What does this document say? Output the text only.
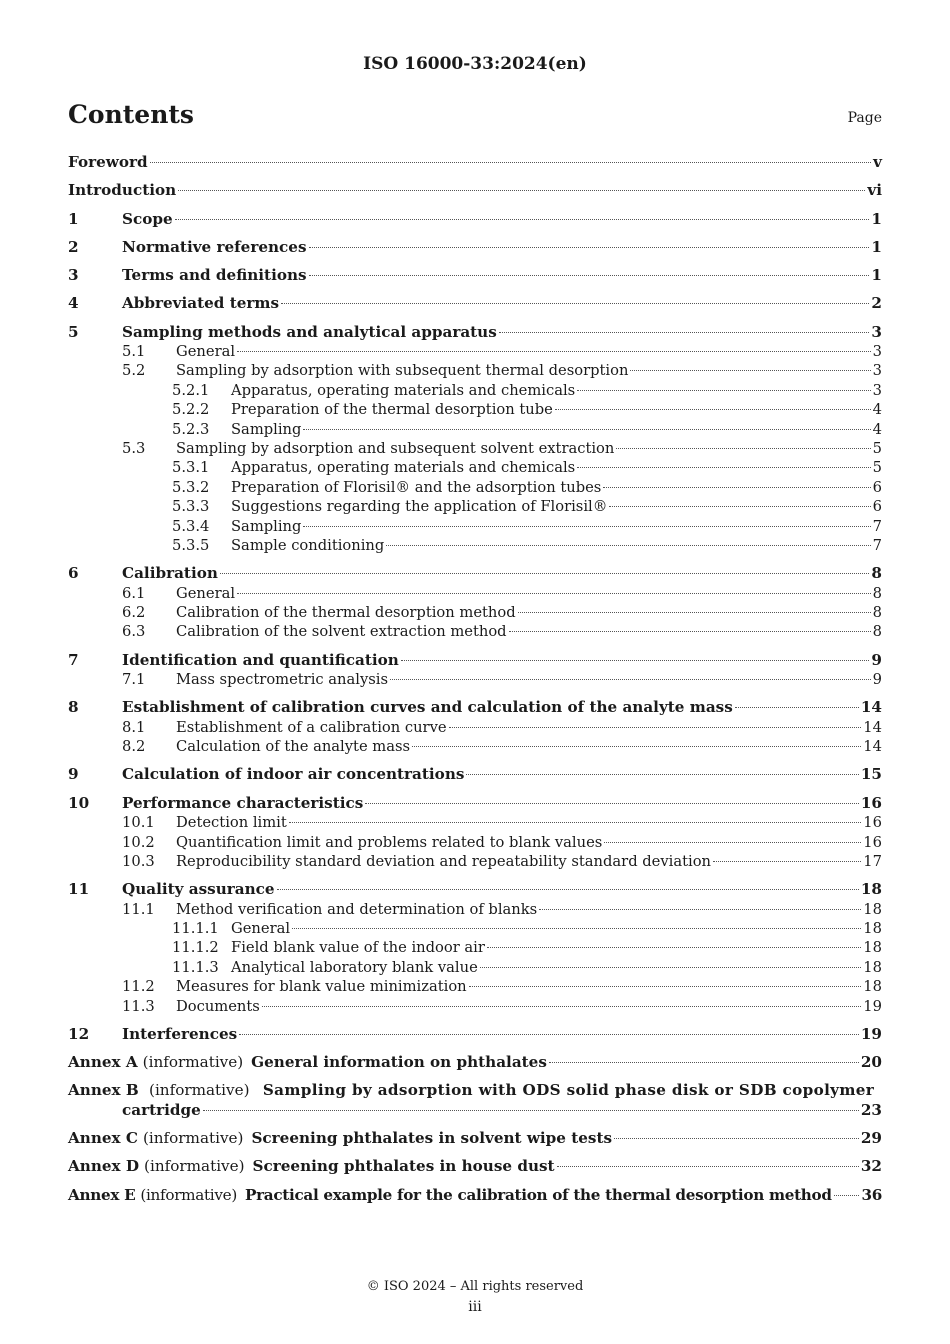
ISO 16000-33:2024(en)
Contents	Page
Foreword	v
Introduction	vi
1	Scope	1
2	Normative references	1
3	Terms and definitions	1
4	Abbreviated terms	2
5	Sampling methods and analytical apparatus	3
5.1	General	3
5.2	Sampling by adsorption with subsequent thermal desorption	3
5.2.1	Apparatus, operating materials and chemicals	3
5.2.2	Preparation of the thermal desorption tube	4
5.2.3	Sampling	4
5.3	Sampling by adsorption and subsequent solvent extraction	5
5.3.1	Apparatus, operating materials and chemicals	5
5.3.2	Preparation of Florisil® and the adsorption tubes	6
5.3.3	Suggestions regarding the application of Florisil®	6
5.3.4	Sampling	7
5.3.5	Sample conditioning	7
6	Calibration	8
6.1	General	8
6.2	Calibration of the thermal desorption method	8
6.3	Calibration of the solvent extraction method	8
7	Identification and quantification	9
7.1	Mass spectrometric analysis	9
8	Establishment of calibration curves and calculation of the analyte mass	14
8.1	Establishment of a calibration curve	14
8.2	Calculation of the analyte mass	14
9	Calculation of indoor air concentrations	15
10	Performance characteristics	16
10.1	Detection limit	16
10.2	Quantification limit and problems related to blank values	16
10.3	Reproducibility standard deviation and repeatability standard deviation	17
11	Quality assurance	18
11.1	Method verification and determination of blanks	18
11.1.1 General	18
11.1.2 Field blank value of the indoor air	18
11.1.3 Analytical laboratory blank value	18
11.2	Measures for blank value minimization	18
11.3	Documents	19
12	Interferences	19
Annex A (informative) General information on phthalates	20
Annex B (informative) Sampling by adsorption with ODS solid phase disk or SDB copolymer
cartridge	23
Annex C (informative) Screening phthalates in solvent wipe tests	29
Annex D (informative) Screening phthalates in house dust	32
Annex E (informative) Practical example for the calibration of the thermal desorption method 36
© ISO 2024 – All rights reserved
iii
